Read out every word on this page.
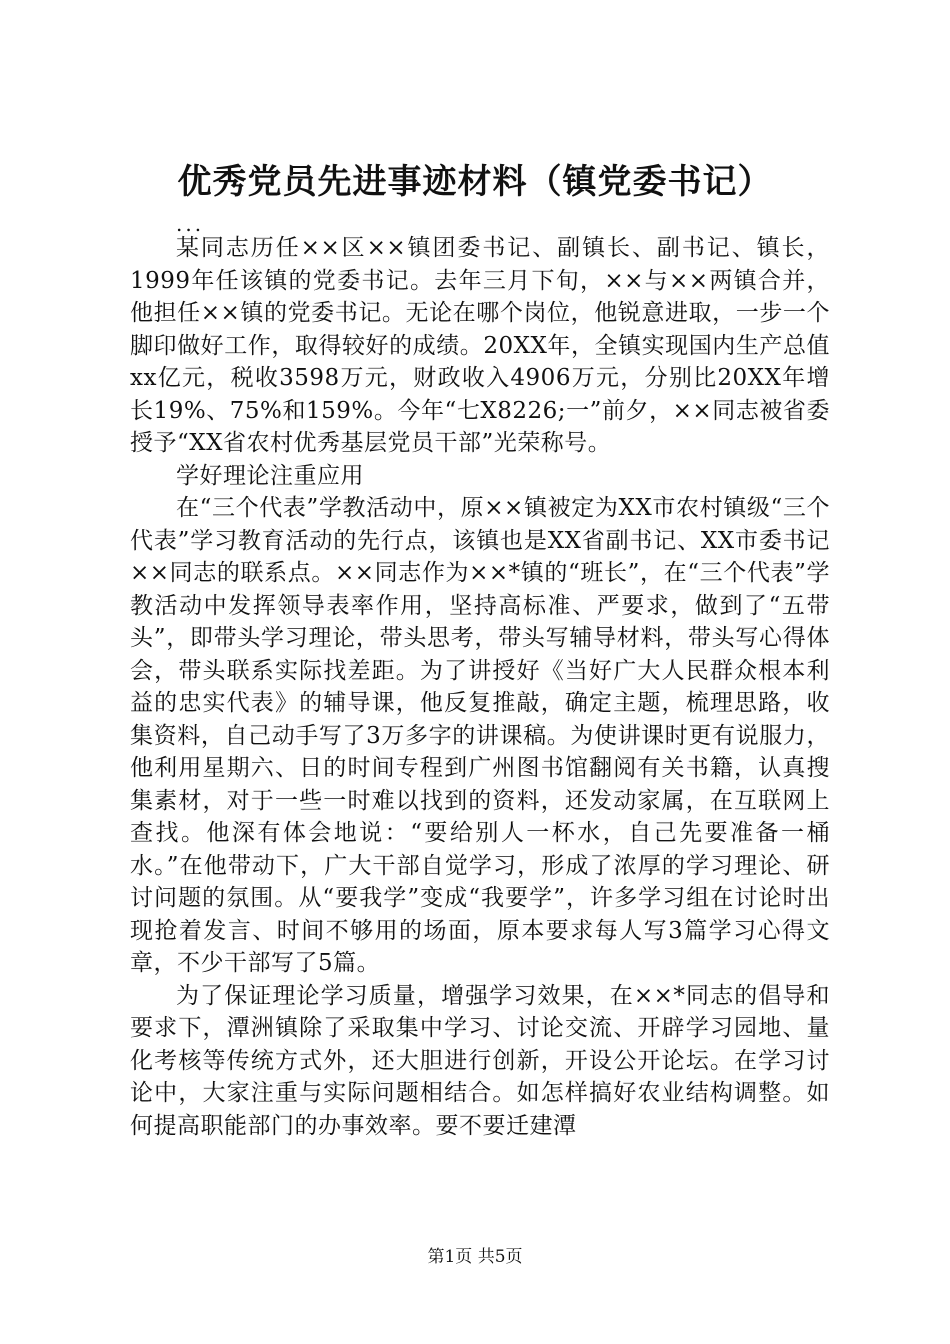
优秀党员先进事迹材料（镇党委书记）
...

某同志历任××区××镇团委书记、副镇长、副书记、镇长，1999年任该镇的党委书记。去年三月下旬，××与××两镇合并，他担任××镇的党委书记。无论在哪个岗位，他锐意进取，一步一个脚印做好工作，取得较好的成绩。20XX年，全镇实现国内生产总值xx亿元，税收3598万元，财政收入4906万元，分别比20XX年增长19%、75%和159%。今年“七X8226;一”前夕，××同志被省委授予“XX省农村优秀基层党员干部”光荣称号。

学好理论注重应用

在“三个代表”学教活动中，原××镇被定为XX市农村镇级“三个代表”学习教育活动的先行点，该镇也是XX省副书记、XX市委书记××同志的联系点。××同志作为××*镇的“班长”，在“三个代表”学教活动中发挥领导表率作用，坚持高标准、严要求，做到了“五带头”，即带头学习理论，带头思考，带头写辅导材料，带头写心得体会，带头联系实际找差距。为了讲授好《当好广大人民群众根本利益的忠实代表》的辅导课，他反复推敲，确定主题，梳理思路，收集资料，自己动手写了3万多字的讲课稿。为使讲课时更有说服力，他利用星期六、日的时间专程到广州图书馆翻阅有关书籍，认真搜集素材，对于一些一时难以找到的资料，还发动家属，在互联网上查找。他深有体会地说：“要给别人一杯水，自己先要准备一桶水。”在他带动下，广大干部自觉学习，形成了浓厚的学习理论、研讨问题的氛围。从“要我学”变成“我要学”，许多学习组在讨论时出现抢着发言、时间不够用的场面，原本要求每人写3篇学习心得文章，不少干部写了5篇。

为了保证理论学习质量，增强学习效果，在××*同志的倡导和要求下，潭洲镇除了采取集中学习、讨论交流、开辟学习园地、量化考核等传统方式外，还大胆进行创新，开设公开论坛。在学习讨论中，大家注重与实际问题相结合。如怎样搞好农业结构调整。如何提高职能部门的办事效率。要不要迁建潭

第1页 共5页
